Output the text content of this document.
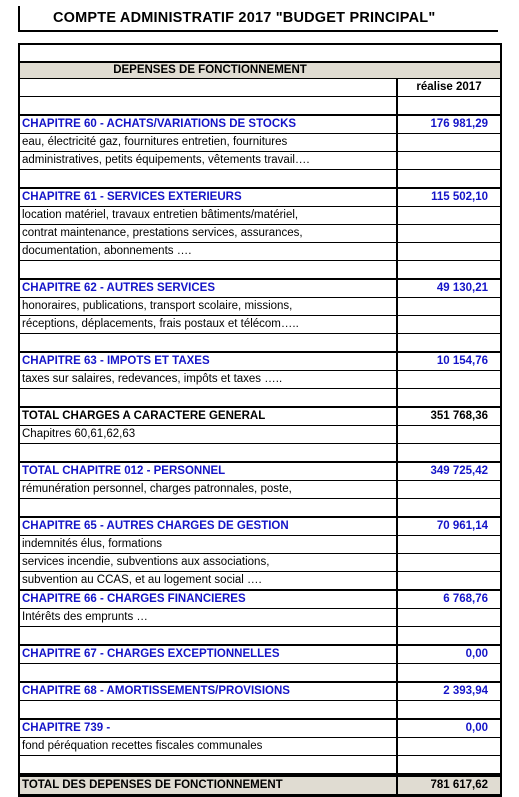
COMPTE ADMINISTRATIF 2017 "BUDGET PRINCIPAL"
DEPENSES DE FONCTIONNEMENT
réalise 2017
CHAPITRE 60 - ACHATS/VARIATIONS DE STOCKS	176 981,29
eau, électricité gaz, fournitures entretien, fournitures
administratives, petits équipements, vêtements travail….
CHAPITRE 61 - SERVICES EXTERIEURS	115 502,10
location matériel, travaux entretien bâtiments/matériel,
contrat maintenance, prestations services, assurances,
documentation, abonnements ….
CHAPITRE 62 - AUTRES SERVICES	49 130,21
honoraires, publications, transport scolaire, missions,
réceptions, déplacements, frais postaux et télécom…..
CHAPITRE 63 - IMPOTS ET TAXES	10 154,76
taxes sur salaires, redevances, impôts et taxes …..
TOTAL CHARGES A CARACTERE GENERAL	351 768,36
Chapitres 60,61,62,63
TOTAL CHAPITRE 012 - PERSONNEL	349 725,42
rémunération personnel, charges patronnales, poste,
CHAPITRE 65 - AUTRES CHARGES DE GESTION	70 961,14
indemnités élus, formations
services incendie, subventions aux associations,
subvention au CCAS, et au logement social ….
CHAPITRE 66 - CHARGES FINANCIERES	6 768,76
Intérêts des emprunts …
CHAPITRE 67 - CHARGES EXCEPTIONNELLES	0,00
CHAPITRE 68 - AMORTISSEMENTS/PROVISIONS	2 393,94
CHAPITRE 739 -	0,00
fond péréquation recettes fiscales communales
TOTAL DES DEPENSES DE FONCTIONNEMENT	781 617,62
